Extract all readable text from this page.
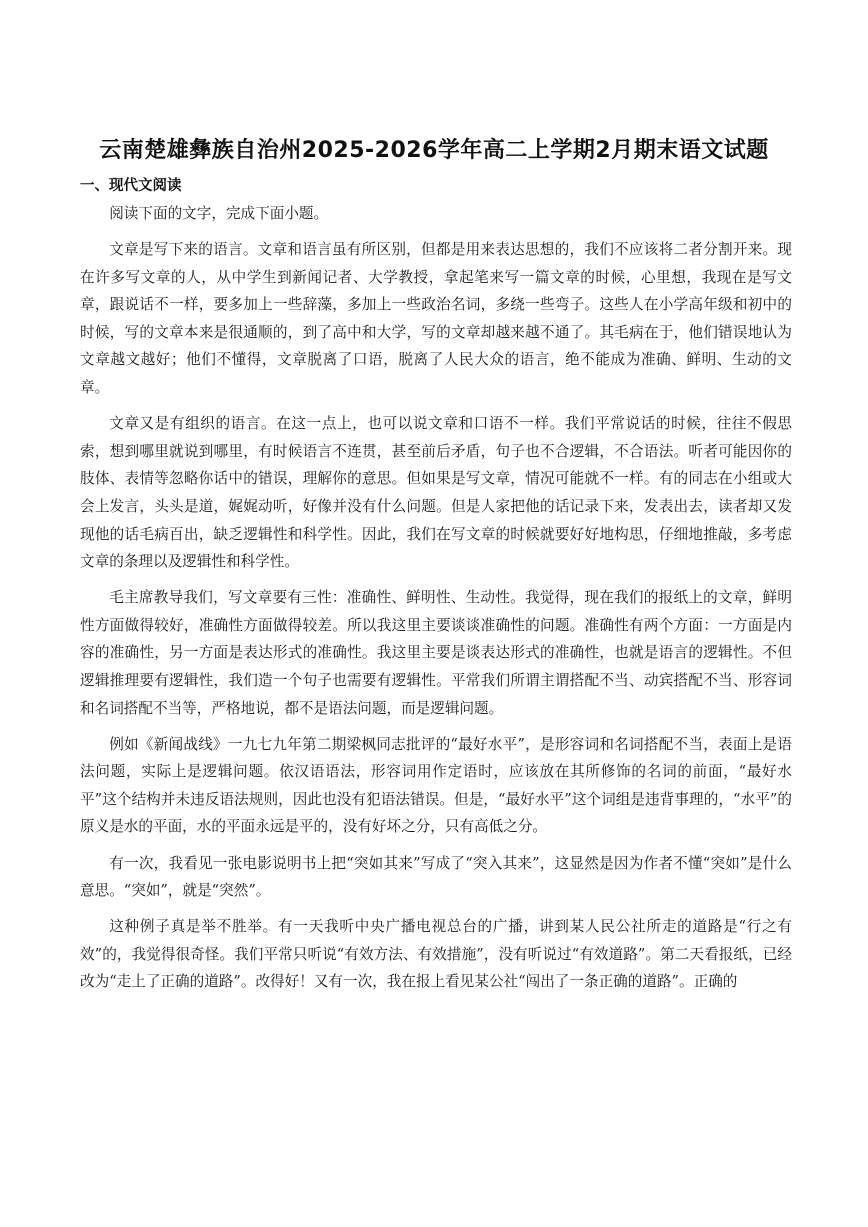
云南楚雄彝族自治州2025-2026学年高二上学期2月期末语文试题
一、现代文阅读

阅读下面的文字，完成下面小题。

文章是写下来的语言。文章和语言虽有所区别，但都是用来表达思想的，我们不应该将二者分割开来。现在许多写文章的人，从中学生到新闻记者、大学教授，拿起笔来写一篇文章的时候，心里想，我现在是写文章，跟说话不一样，要多加上一些辞藻，多加上一些政治名词，多绕一些弯子。这些人在小学高年级和初中的时候，写的文章本来是很通顺的，到了高中和大学，写的文章却越来越不通了。其毛病在于，他们错误地认为文章越文越好；他们不懂得，文章脱离了口语，脱离了人民大众的语言，绝不能成为准确、鲜明、生动的文章。

文章又是有组织的语言。在这一点上，也可以说文章和口语不一样。我们平常说话的时候，往往不假思索，想到哪里就说到哪里，有时候语言不连贯，甚至前后矛盾，句子也不合逻辑，不合语法。听者可能因你的肢体、表情等忽略你话中的错误，理解你的意思。但如果是写文章，情况可能就不一样。有的同志在小组或大会上发言，头头是道，娓娓动听，好像并没有什么问题。但是人家把他的话记录下来，发表出去，读者却又发现他的话毛病百出，缺乏逻辑性和科学性。因此，我们在写文章的时候就要好好地构思，仔细地推敲，多考虑文章的条理以及逻辑性和科学性。

毛主席教导我们，写文章要有三性：准确性、鲜明性、生动性。我觉得，现在我们的报纸上的文章，鲜明性方面做得较好，准确性方面做得较差。所以我这里主要谈谈准确性的问题。准确性有两个方面：一方面是内容的准确性，另一方面是表达形式的准确性。我这里主要是谈表达形式的准确性，也就是语言的逻辑性。不但逻辑推理要有逻辑性，我们造一个句子也需要有逻辑性。平常我们所谓主谓搭配不当、动宾搭配不当、形容词和名词搭配不当等，严格地说，都不是语法问题，而是逻辑问题。

例如《新闻战线》一九七九年第二期梁枫同志批评的“最好水平”，是形容词和名词搭配不当，表面上是语法问题，实际上是逻辑问题。依汉语语法，形容词用作定语时，应该放在其所修饰的名词的前面，“最好水平”这个结构并未违反语法规则，因此也没有犯语法错误。但是，“最好水平”这个词组是违背事理的，“水平”的原义是水的平面，水的平面永远是平的，没有好坏之分，只有高低之分。

有一次，我看见一张电影说明书上把“突如其来”写成了“突入其来”，这显然是因为作者不懂“突如”是什么意思。“突如”，就是“突然”。

这种例子真是举不胜举。有一天我听中央广播电视总台的广播，讲到某人民公社所走的道路是“行之有效”的，我觉得很奇怪。我们平常只听说“有效方法、有效措施”，没有听说过“有效道路”。第二天看报纸，已经改为“走上了正确的道路”。改得好！又有一次，我在报上看见某公社“闯出了一条正确的道路”。正确的
